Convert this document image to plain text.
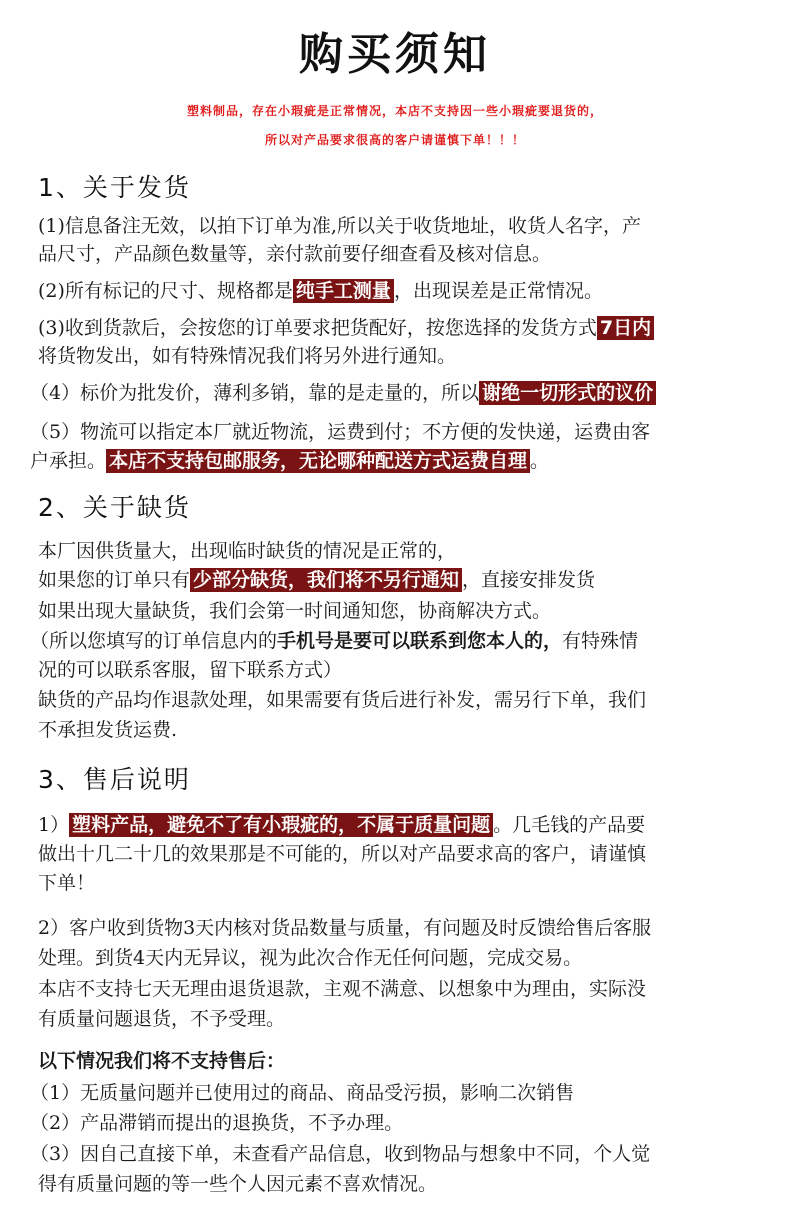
购买须知
塑料制品，存在小瑕疵是正常情况，本店不支持因一些小瑕疵要退货的，
所以对产品要求很高的客户请谨慎下单！！！
1、关于发货
(1)信息备注无效，以拍下订单为准,所以关于收货地址，收货人名字，产
品尺寸，产品颜色数量等，亲付款前要仔细查看及核对信息。
(2)所有标记的尺寸、规格都是 纯手工测量 ，出现误差是正常情况。
(3)收到货款后，会按您的订单要求把货配好，按您选择的发货方式 7日内
将货物发出，如有特殊情况我们将另外进行通知。
（4）标价为批发价，薄利多销，靠的是走量的，所以 谢绝一切形式的议价
（5）物流可以指定本厂就近物流，运费到付；不方便的发快递，运费由客
户承担。 本店不支持包邮服务，无论哪种配送方式运费自理 。
2、关于缺货
本厂因供货量大，出现临时缺货的情况是正常的，
如果您的订单只有 少部分缺货，我们将不另行通知 ，直接安排发货
如果出现大量缺货，我们会第一时间通知您，协商解决方式。
（所以您填写的订单信息内的手机号是要可以联系到您本人的，有特殊情
况的可以联系客服，留下联系方式）
缺货的产品均作退款处理，如果需要有货后进行补发，需另行下单，我们
不承担发货运费.
3、售后说明
1） 塑料产品，避免不了有小瑕疵的，不属于质量问题 。几毛钱的产品要
做出十几二十几的效果那是不可能的，所以对产品要求高的客户，请谨慎
下单！
2）客户收到货物3天内核对货品数量与质量，有问题及时反馈给售后客服
处理。到货4天内无异议，视为此次合作无任何问题，完成交易。
本店不支持七天无理由退货退款，主观不满意、以想象中为理由，实际没
有质量问题退货，不予受理。
以下情况我们将不支持售后：
（1）无质量问题并已使用过的商品、商品受污损，影响二次销售
（2）产品滞销而提出的退换货，不予办理。
（3）因自己直接下单，未查看产品信息，收到物品与想象中不同，个人觉
得有质量问题的等一些个人因元素不喜欢情况。
